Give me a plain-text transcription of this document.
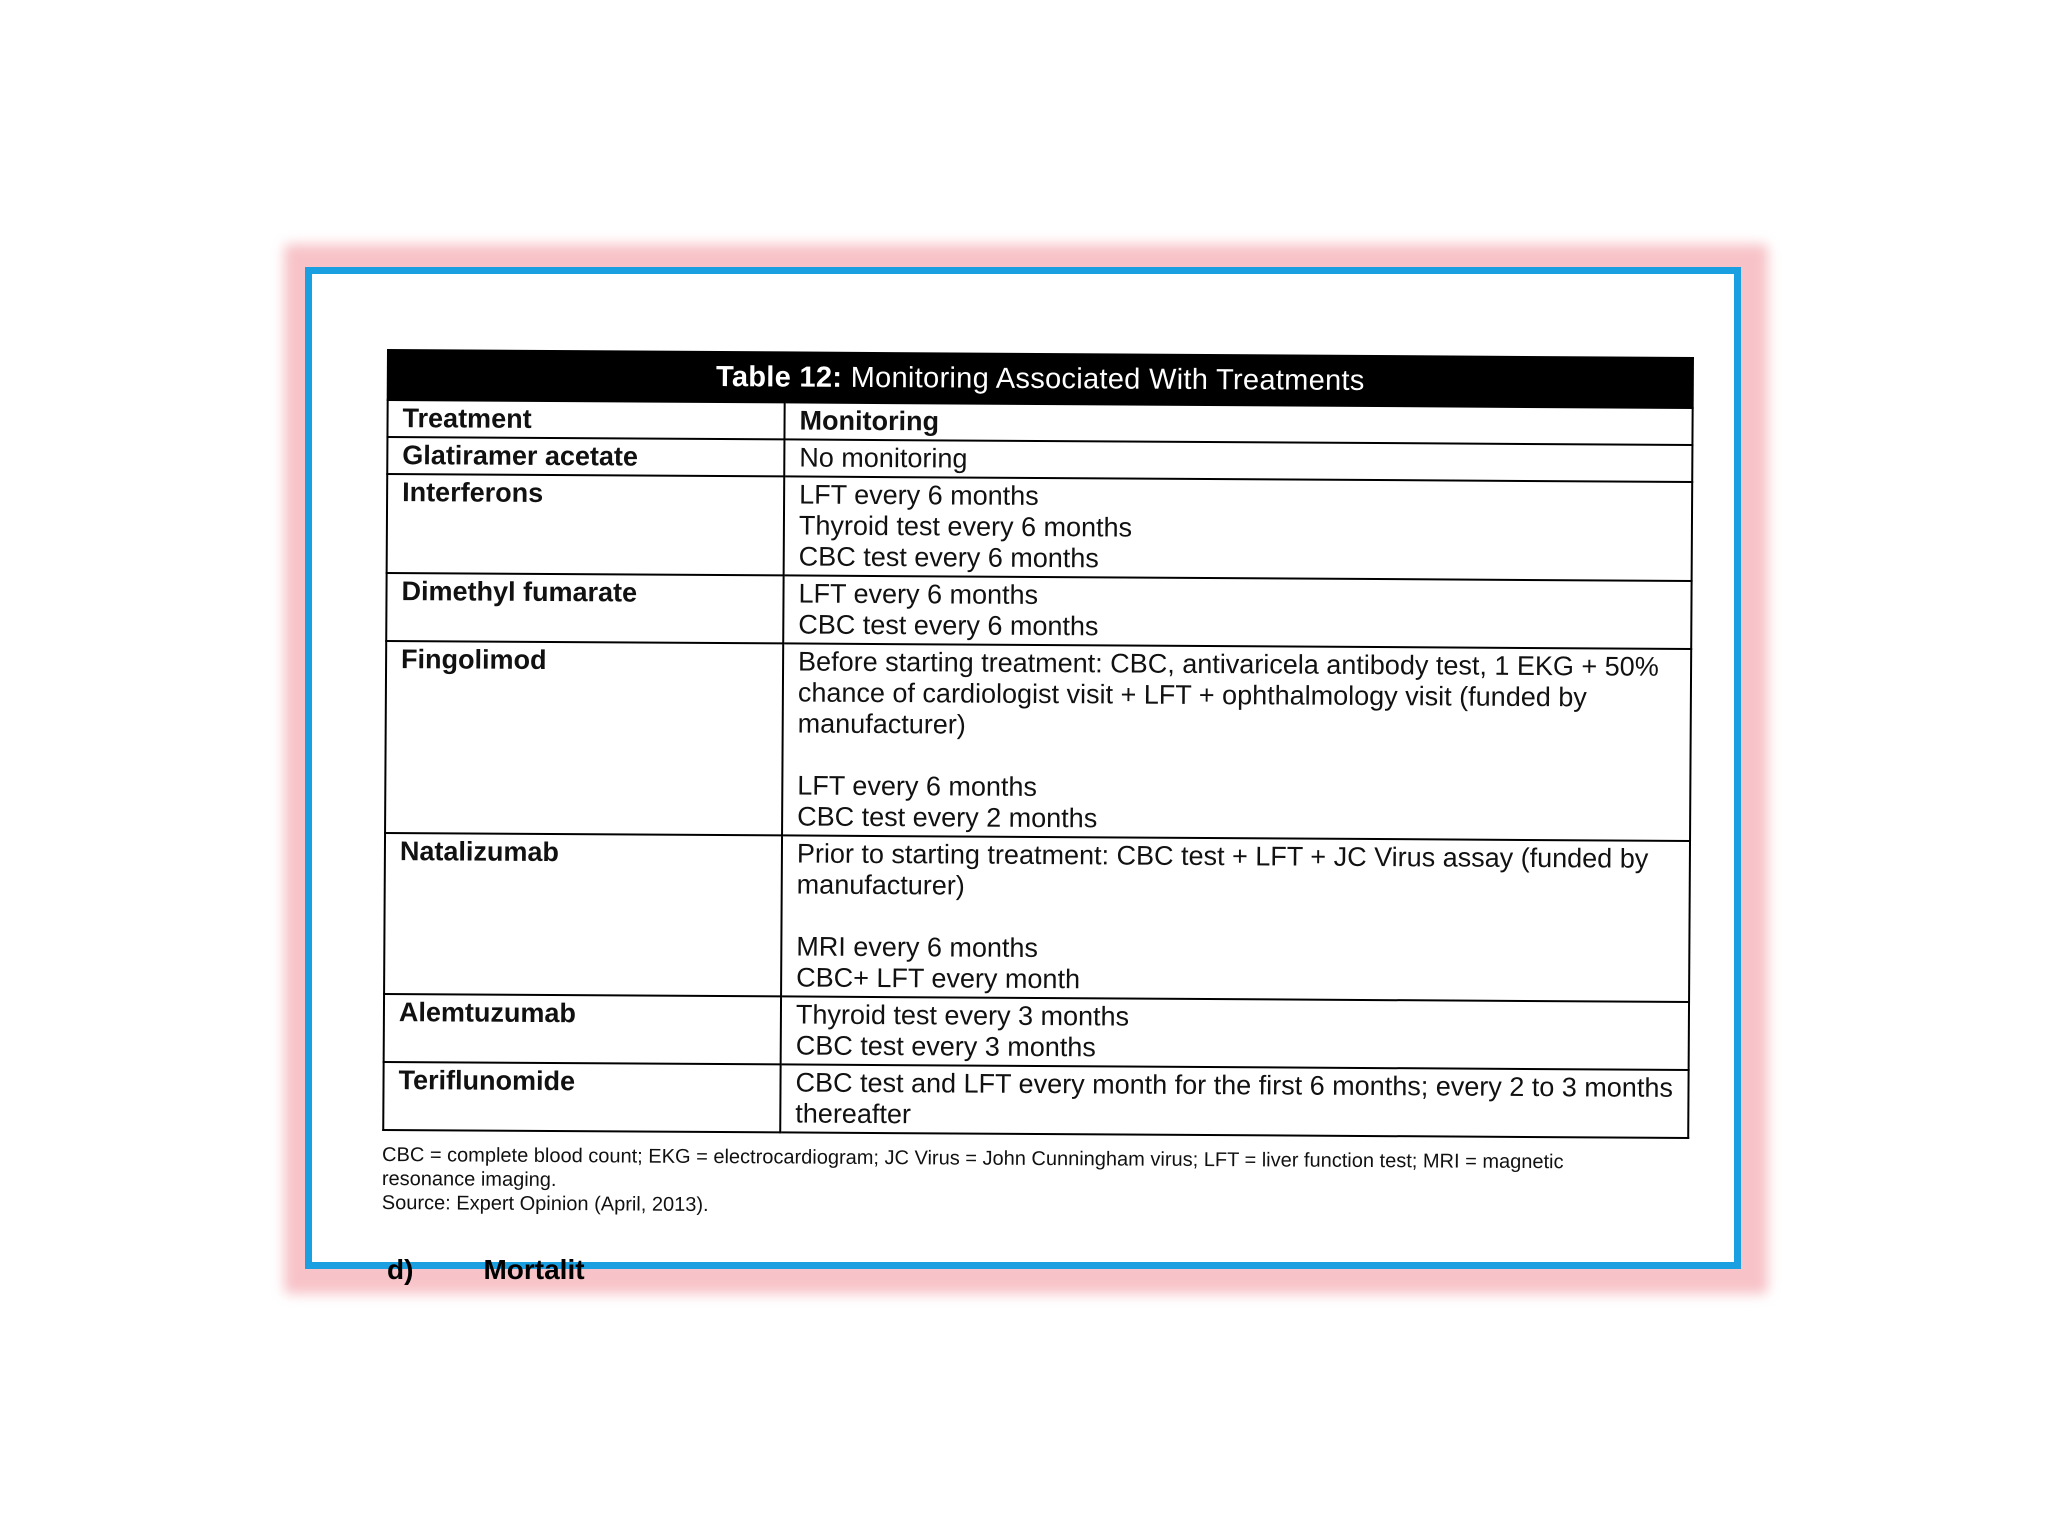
Table 12: Monitoring Associated With Treatments	
Treatment	Monitoring
Glatiramer acetate	No monitoring

Interferons	LFT every 6 months
Thyroid test every 6 months
CBC test every 6 months

Dimethyl fumarate	LFT every 6 months
CBC test every 6 months

Fingolimod	Before starting treatment: CBC, antivaricela antibody test, 1 EKG + 50% chance of cardiologist visit + LFT + ophthalmology visit (funded by manufacturer)
LFT every 6 months
CBC test every 2 months

Natalizumab	Prior to starting treatment: CBC test + LFT + JC Virus assay (funded by manufacturer)
MRI every 6 months
CBC+ LFT every month

Alemtuzumab	Thyroid test every 3 months
CBC test every 3 months

Teriflunomide	CBC test and LFT every month for the first 6 months; every 2 to 3 months thereafter
CBC = complete blood count; EKG = electrocardiogram; JC Virus = John Cunningham virus; LFT = liver function test; MRI = magnetic resonance imaging.
Source: Expert Opinion (April, 2013).
d)	Mortalit
